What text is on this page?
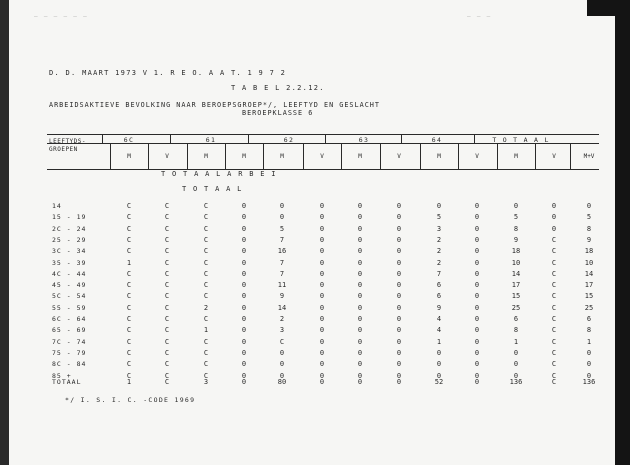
_ _ _ _ _ _	_ _ _
D. D. MAART 1973 V 1. R E O. A A T. 1 9 7 2
T A B E L 2.2.12.
ARBEIDSAKTIEVE BEVOLKING NAAR BEROEPSGROEP*/, LEEFTYD EN GESLACHT
BEROEPKLASSE 6
LEEFTYDS-
GROEPEN
6C	61	62	63	64	T O T A A L
M	V	M	M	M	V	M	V	M	V	M	V	M+V
T O T A A L A R B E I
T O T A A L
14	C	C	C	0	0	0	0	0	0	0	0	0	0
15 - 19	C	C	C	0	0	0	0	0	5	0	5	0	5
2C - 24	C	C	C	0	5	0	0	0	3	0	8	0	8
25 - 29	C	C	C	0	7	0	0	0	2	0	9	C	9
3C - 34	C	C	C	0	16	0	0	0	2	0	18	C	18
35 - 39	1	C	C	0	7	0	0	0	2	0	10	C	10
4C - 44	C	C	C	0	7	0	0	0	7	0	14	C	14
45 - 49	C	C	C	0	11	0	0	0	6	0	17	C	17
5C - 54	C	C	C	0	9	0	0	0	6	0	15	C	15
55 - 59	C	C	2	0	14	0	0	0	9	0	25	C	25
6C - 64	C	C	C	0	2	0	0	0	4	0	6	C	6
65 - 69	C	C	1	0	3	0	0	0	4	0	8	C	8
7C - 74	C	C	C	0	C	0	0	0	1	0	1	C	1
75 - 79	C	C	C	0	0	0	0	0	0	0	0	C	0
8C - 84	C	C	C	0	0	0	0	0	0	0	0	C	0
85 +	C	C	C	0	0	0	0	0	0	0	0	C	0
TOTAAL	1	C	3	0	80	0	0	0	52	0	136	C	136
*/ I. S. I. C. -CODE 1969
